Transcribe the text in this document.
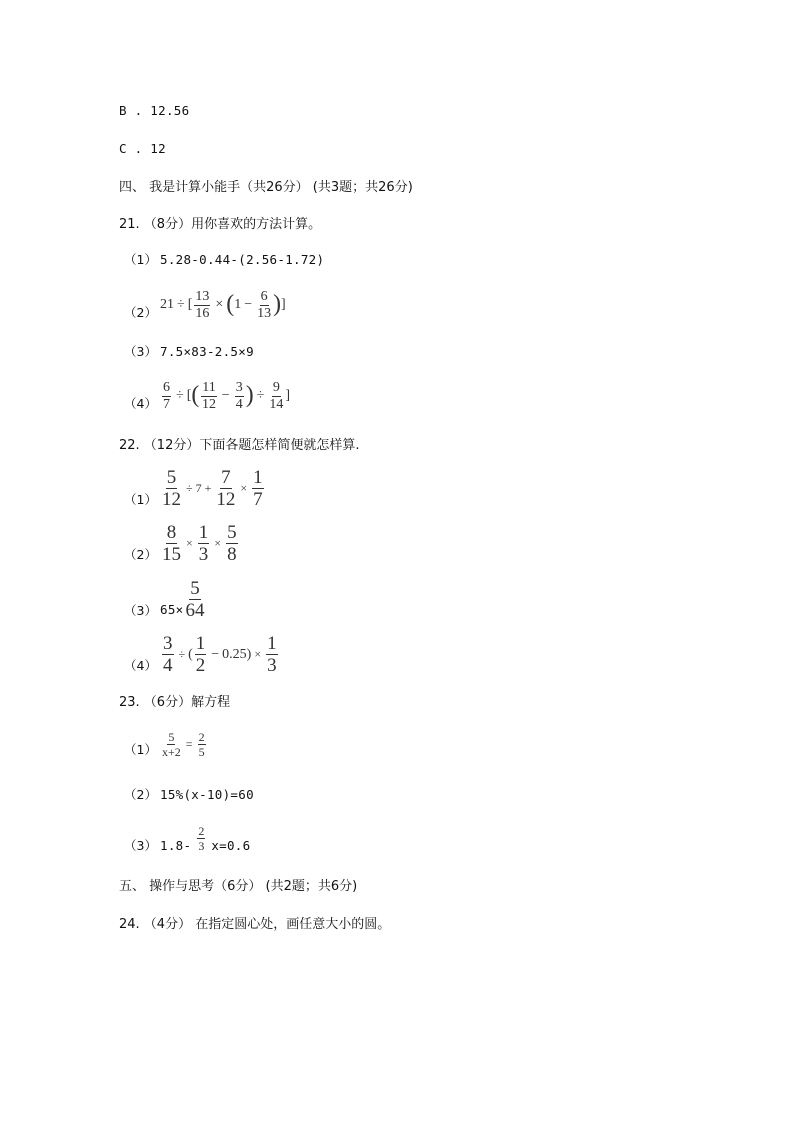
B . 12.56
C . 12
四、 我是计算小能手（共26分） (共3题；共26分)
21. （8分）用你喜欢的方法计算。
（1） 5.28-0.44-(2.56-1.72)
（2）
21 ÷ [ $\frac{13}{16}$ × ( $1 - \frac{6}{13}$ ) ]
（3） 7.5×83-2.5×9
$(4) \frac{6}{7}$ ÷ [ ( $\frac{11}{12} - \frac{3}{4}$ ) ÷ $\frac{9}{14}$ ]
22. （12分）下面各题怎样简便就怎样算.
$(1) \frac{5}{12} \div 7 + \frac{7}{12} \times \frac{1}{7}$
$(2) \frac{8}{15} \times \frac{1}{3} \times \frac{5}{8}$
（3） $65\times \frac{5}{64}$
$(4) \frac{3}{4}$ ÷ ( $\frac{1}{2} - 0.25$ ) × $\frac{1}{3}$
23. （6分）解方程
$(1) \frac{5}{x+2} = \frac{2}{5}$
（2） 15%(x-10)=60
（3） $1.8- \frac{2}{3} x=0.6$
五、 操作与思考（6分） (共2题；共6分)
24. （4分） 在指定圆心处，画任意大小的圆。
